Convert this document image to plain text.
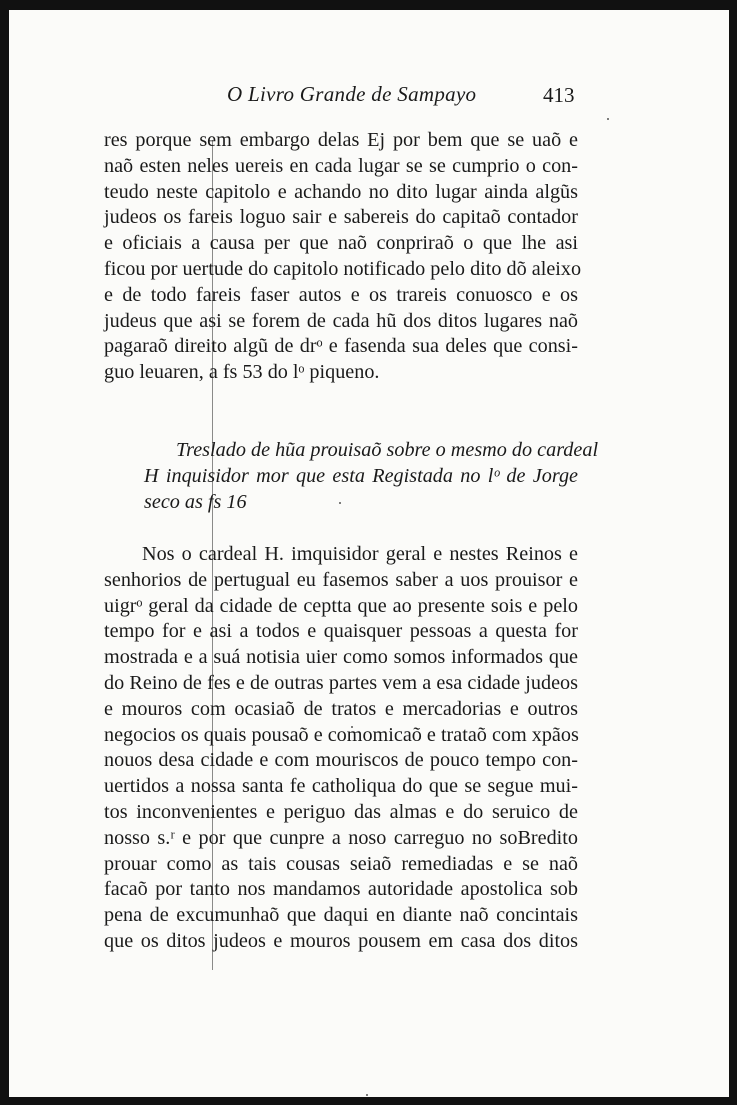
O Livro Grande de Sampayo	413
res porque sem embargo delas Ej por bem que se uaõ e
naõ esten neles uereis en cada lugar se se cumprio o con-
teudo neste capitolo e achando no dito lugar ainda algũs
judeos os fareis loguo sair e sabereis do capitaõ contador
e oficiais a causa per que naõ conpriraõ o que lhe asi
ficou por uertude do capitolo notificado pelo dito dõ aleixo
e de todo fareis faser autos e os trareis conuosco e os
judeus que asi se forem de cada hũ dos ditos lugares naõ
pagaraõ direito algũ de drᵒ e fasenda sua deles que consi-
guo leuaren, a fs 53 do lᵒ piqueno.
Treslado de hũa prouisaõ sobre o mesmo do cardeal
H inquisidor mor que esta Registada no lᵒ de Jorge
seco as fs 16
Nos o cardeal H. imquisidor geral e nestes Reinos e
senhorios de pertugual eu fasemos saber a uos prouisor e
uigrᵒ geral da cidade de ceptta que ao presente sois e pelo
tempo for e asi a todos e quaisquer pessoas a questa for
mostrada e a suá notisia uier como somos informados que
do Reino de fes e de outras partes vem a esa cidade judeos
e mouros com ocasiaõ de tratos e mercadorias e outros
negocios os quais pousaõ e comomicaõ e trataõ com xpãos
nouos desa cidade e com mouriscos de pouco tempo con-
uertidos a nossa santa fe catholiqua do que se segue mui-
tos inconvenientes e periguo das almas e do seruico de
nosso s.ʳ e por que cunpre a noso carreguo no soBredito
prouar como as tais cousas seiaõ remediadas e se naõ
facaõ por tanto nos mandamos autoridade apostolica sob
pena de excumunhaõ que daqui en diante naõ concintais
que os ditos judeos e mouros pousem em casa dos ditos
